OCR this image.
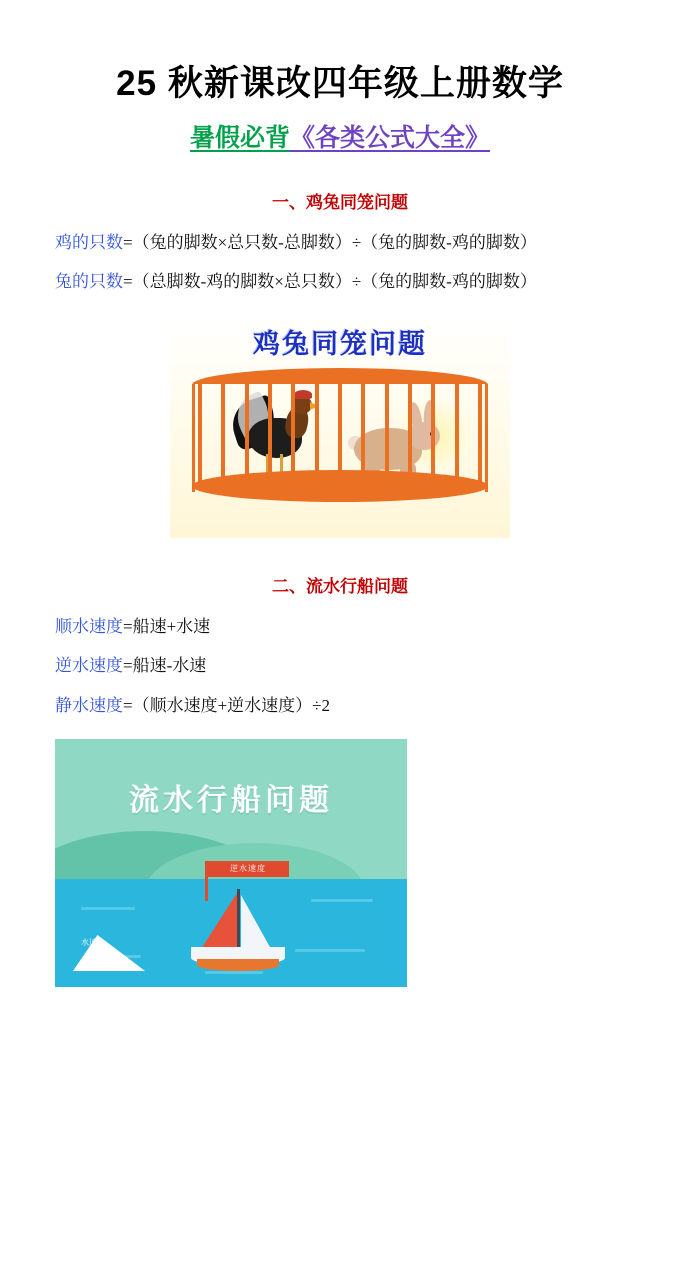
25 秋新课改四年级上册数学
暑假必背《各类公式大全》
一、鸡兔同笼问题
鸡的只数=（兔的脚数×总只数-总脚数）÷（兔的脚数-鸡的脚数）
兔的只数=（总脚数-鸡的脚数×总只数）÷（兔的脚数-鸡的脚数）
鸡兔同笼问题
二、流水行船问题
顺水速度=船速+水速
逆水速度=船速-水速
静水速度=（顺水速度+逆水速度）÷2
流水行船问题
逆水速度
水速
